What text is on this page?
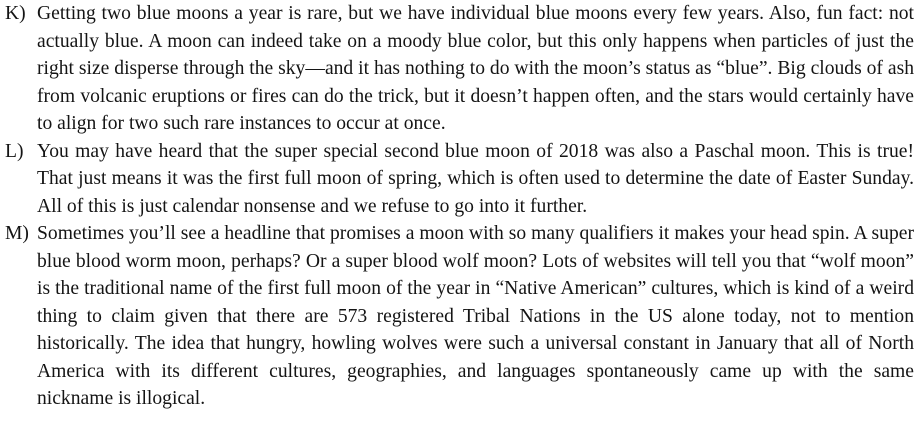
K) Getting two blue moons a year is rare, but we have individual blue moons every few years. Also, fun fact: not actually blue. A moon can indeed take on a moody blue color, but this only happens when particles of just the right size disperse through the sky—and it has nothing to do with the moon’s status as “blue”. Big clouds of ash from volcanic eruptions or fires can do the trick, but it doesn’t happen often, and the stars would certainly have to align for two such rare instances to occur at once.

L) You may have heard that the super special second blue moon of 2018 was also a Paschal moon. This is true! That just means it was the first full moon of spring, which is often used to determine the date of Easter Sunday. All of this is just calendar nonsense and we refuse to go into it further.

M) Sometimes you’ll see a headline that promises a moon with so many qualifiers it makes your head spin. A super blue blood worm moon, perhaps? Or a super blood wolf moon? Lots of websites will tell you that “wolf moon” is the traditional name of the first full moon of the year in “Native American” cultures, which is kind of a weird thing to claim given that there are 573 registered Tribal Nations in the US alone today, not to mention historically. The idea that hungry, howling wolves were such a universal constant in January that all of North America with its different cultures, geographies, and languages spontaneously came up with the same nickname is illogical.
